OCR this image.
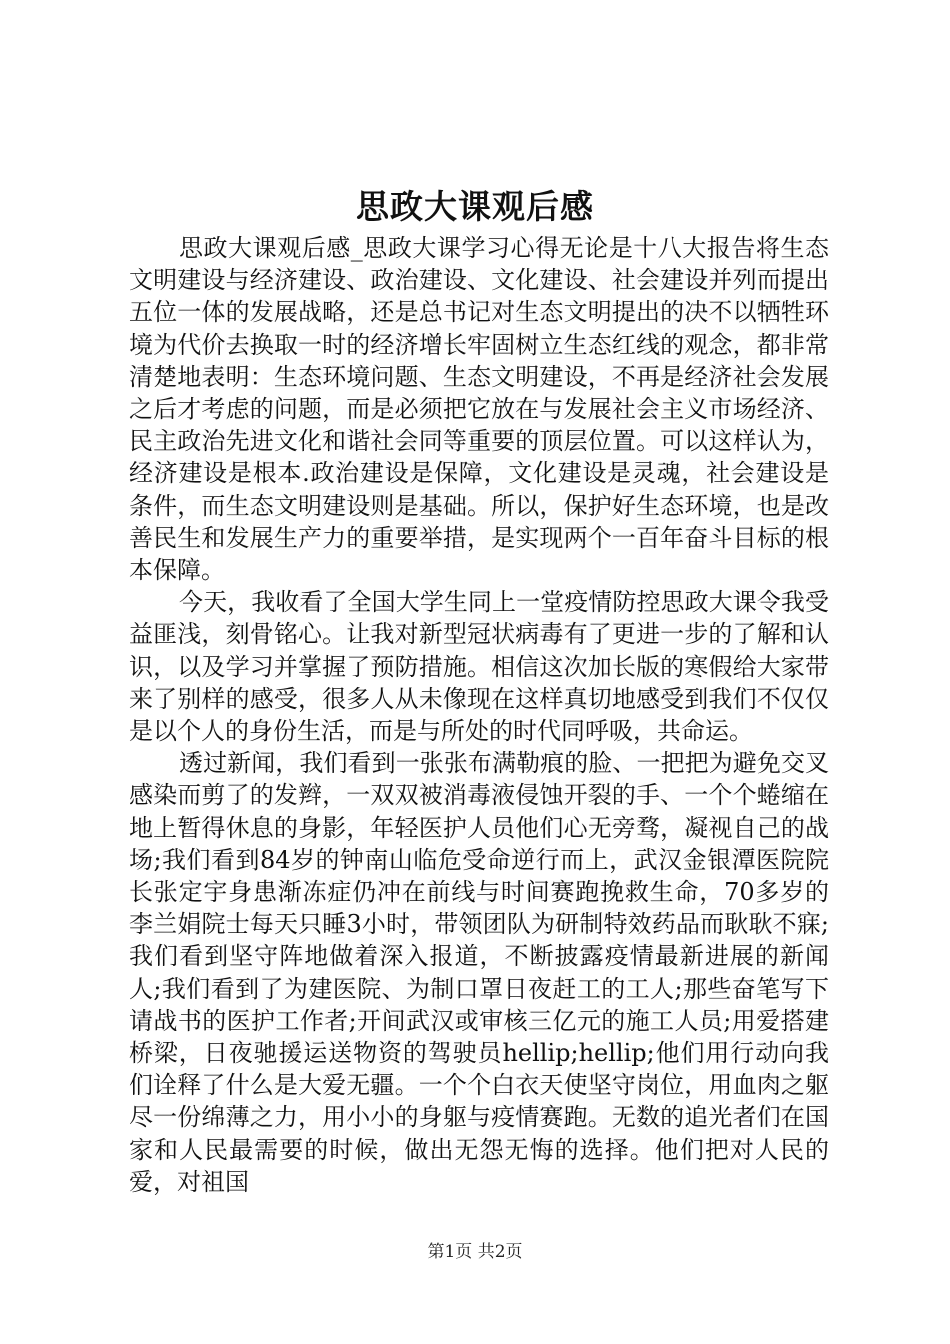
思政大课观后感

思政大课观后感_思政大课学习心得无论是十八大报告将生态文明建设与经济建设、政治建设、文化建设、社会建设并列而提出五位一体的发展战略，还是总书记对生态文明提出的决不以牺牲环境为代价去换取一时的经济增长牢固树立生态红线的观念，都非常清楚地表明：生态环境问题、生态文明建设，不再是经济社会发展之后才考虑的问题，而是必须把它放在与发展社会主义市场经济、民主政治先进文化和谐社会同等重要的顶层位置。可以这样认为，经济建设是根本.政治建设是保障，文化建设是灵魂，社会建设是条件，而生态文明建设则是基础。所以，保护好生态环境，也是改善民生和发展生产力的重要举措，是实现两个一百年奋斗目标的根本保障。

今天，我收看了全国大学生同上一堂疫情防控思政大课令我受益匪浅，刻骨铭心。让我对新型冠状病毒有了更进一步的了解和认识，以及学习并掌握了预防措施。相信这次加长版的寒假给大家带来了别样的感受，很多人从未像现在这样真切地感受到我们不仅仅是以个人的身份生活，而是与所处的时代同呼吸，共命运。

透过新闻，我们看到一张张布满勒痕的脸、一把把为避免交叉感染而剪了的发辫，一双双被消毒液侵蚀开裂的手、一个个蜷缩在地上暂得休息的身影，年轻医护人员他们心无旁骛，凝视自己的战场;我们看到84岁的钟南山临危受命逆行而上，武汉金银潭医院院长张定宇身患渐冻症仍冲在前线与时间赛跑挽救生命，70多岁的李兰娟院士每天只睡3小时，带领团队为研制特效药品而耿耿不寐;我们看到坚守阵地做着深入报道，不断披露疫情最新进展的新闻人;我们看到了为建医院、为制口罩日夜赶工的工人;那些奋笔写下请战书的医护工作者;开间武汉或审核三亿元的施工人员;用爱搭建桥梁，日夜驰援运送物资的驾驶员hellip;hellip;他们用行动向我们诠释了什么是大爱无疆。一个个白衣天使坚守岗位，用血肉之躯尽一份绵薄之力，用小小的身躯与疫情赛跑。无数的追光者们在国家和人民最需要的时候，做出无怨无悔的选择。他们把对人民的爱，对祖国

第1页 共2页
